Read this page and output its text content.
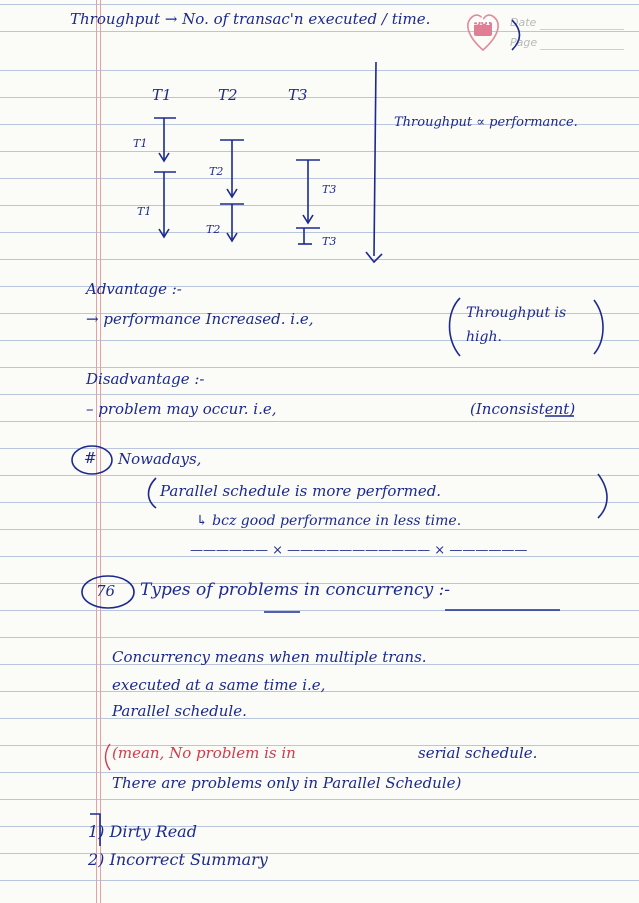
SM Date
Page
Throughput → No. of transac'n executed / time.
T1	T2	T3
T1
T2
T3
T1
T2
T3
Throughput ∝ performance.
Advantage :-
→ performance Increased. i.e,	Throughput is high.
Disadvantage :-
– problem may occur. i.e,	(Inconsistent)
# Nowadays,
Parallel schedule is more performed.
↳ bcz good performance in less time.
—————— × ——————————— × ——————
76 Types of problems in concurrency :-
Concurrency means when multiple trans.
executed at a same time i.e,
Parallel schedule.
(mean, No problem is in	serial schedule.
There are problems only in Parallel Schedule)
1) Dirty Read
2) Incorrect Summary
